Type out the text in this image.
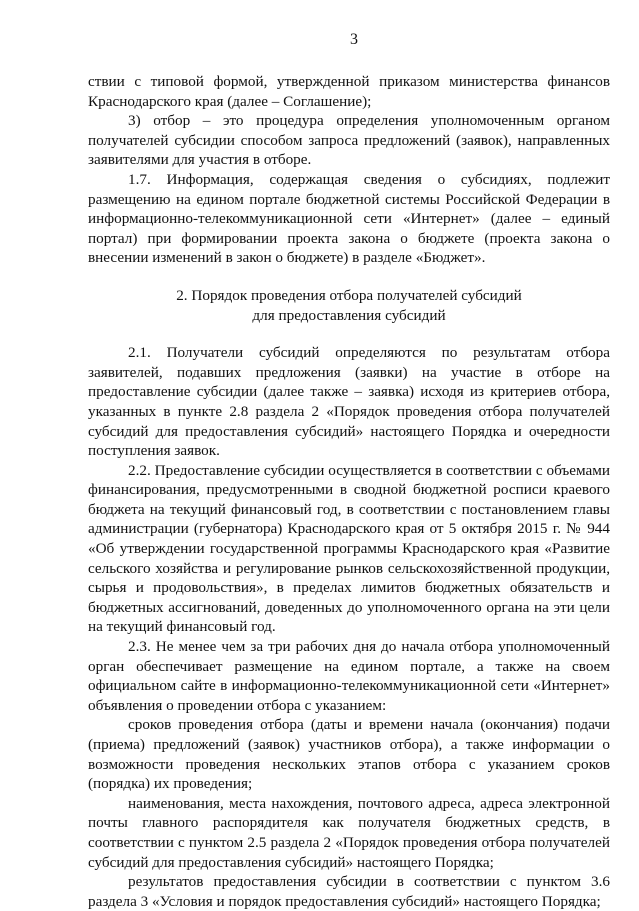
3

ствии с типовой формой, утвержденной приказом министерства финансов Краснодарского края (далее – Соглашение);

3) отбор – это процедура определения уполномоченным органом получателей субсидии способом запроса предложений (заявок), направленных заявителями для участия в отборе.

1.7. Информация, содержащая сведения о субсидиях, подлежит размещению на едином портале бюджетной системы Российской Федерации в информационно-телекоммуникационной сети «Интернет» (далее – единый портал) при формировании проекта закона о бюджете (проекта закона о внесении изменений в закон о бюджете) в разделе «Бюджет».

2. Порядок проведения отбора получателей субсидий
для предоставления субсидий

2.1. Получатели субсидий определяются по результатам отбора заявителей, подавших предложения (заявки) на участие в отборе на предоставление субсидии (далее также – заявка) исходя из критериев отбора, указанных в пункте 2.8 раздела 2 «Порядок проведения отбора получателей субсидий для предоставления субсидий» настоящего Порядка и очередности поступления заявок.

2.2. Предоставление субсидии осуществляется в соответствии с объемами финансирования, предусмотренными в сводной бюджетной росписи краевого бюджета на текущий финансовый год, в соответствии с постановлением главы администрации (губернатора) Краснодарского края от 5 октября 2015 г. № 944 «Об утверждении государственной программы Краснодарского края «Развитие сельского хозяйства и регулирование рынков сельскохозяйственной продукции, сырья и продовольствия», в пределах лимитов бюджетных обязательств и бюджетных ассигнований, доведенных до уполномоченного органа на эти цели на текущий финансовый год.

2.3. Не менее чем за три рабочих дня до начала отбора уполномоченный орган обеспечивает размещение на едином портале, а также на своем официальном сайте в информационно-телекоммуникационной сети «Интернет» объявления о проведении отбора с указанием:

сроков проведения отбора (даты и времени начала (окончания) подачи (приема) предложений (заявок) участников отбора), а также информации о возможности проведения нескольких этапов отбора с указанием сроков (порядка) их проведения;

наименования, места нахождения, почтового адреса, адреса электронной почты главного распорядителя как получателя бюджетных средств, в соответствии с пунктом 2.5 раздела 2 «Порядок проведения отбора получателей субсидий для предоставления субсидий» настоящего Порядка;

результатов предоставления субсидии в соответствии с пунктом 3.6 раздела 3 «Условия и порядок предоставления субсидий» настоящего Порядка;
